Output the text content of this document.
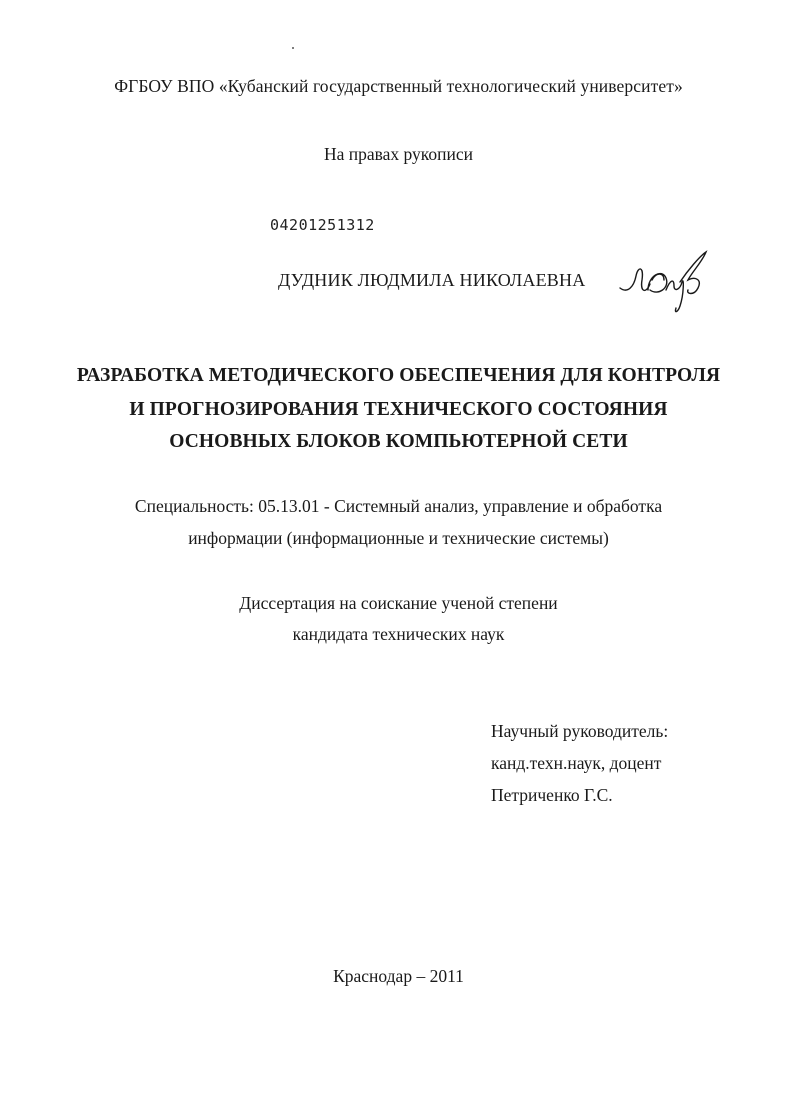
ФГБОУ ВПО «Кубанский государственный технологический университет»
На правах рукописи
04201251312
ДУДНИК ЛЮДМИЛА НИКОЛАЕВНА
РАЗРАБОТКА МЕТОДИЧЕСКОГО ОБЕСПЕЧЕНИЯ ДЛЯ КОНТРОЛЯ
И ПРОГНОЗИРОВАНИЯ ТЕХНИЧЕСКОГО СОСТОЯНИЯ
ОСНОВНЫХ БЛОКОВ КОМПЬЮТЕРНОЙ СЕТИ
Специальность: 05.13.01 - Системный анализ, управление и обработка
информации (информационные и технические системы)
Диссертация на соискание ученой степени
кандидата технических наук
Научный руководитель:
канд.техн.наук, доцент
Петриченко Г.С.
Краснодар – 2011
